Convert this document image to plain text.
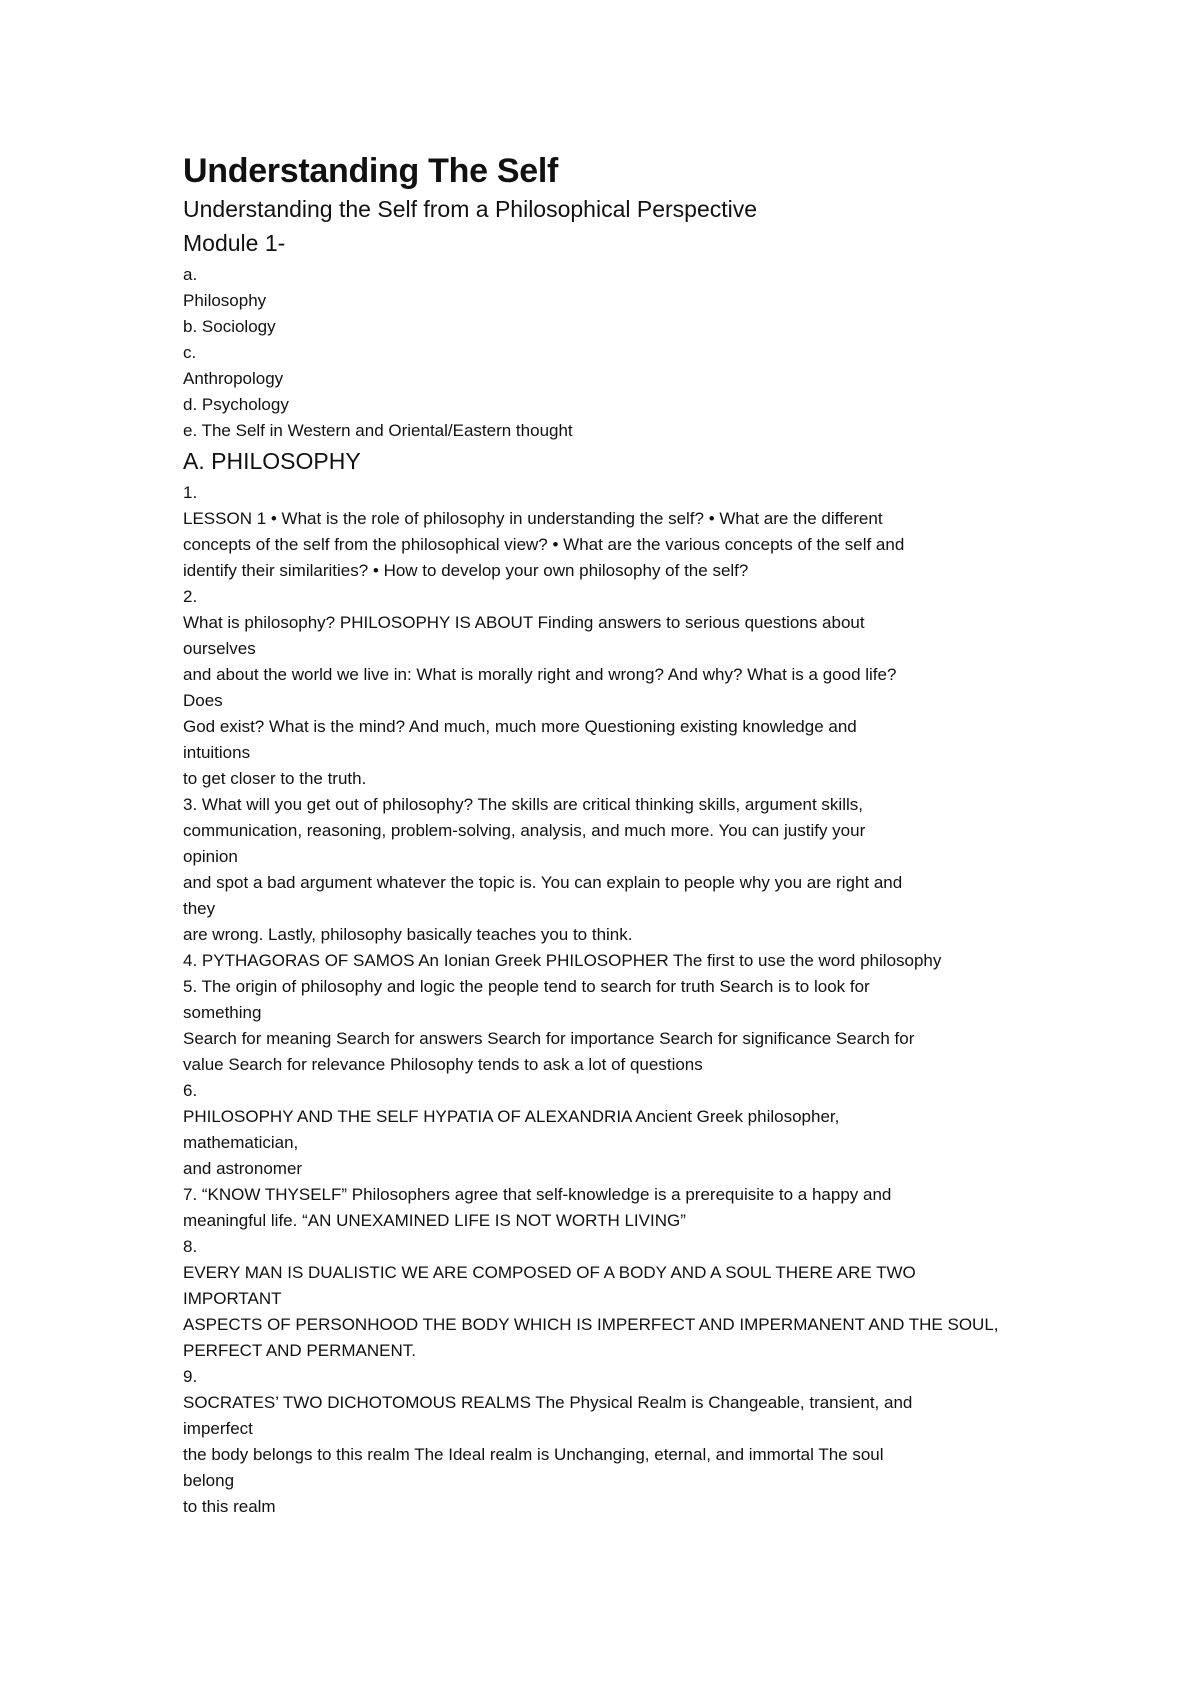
Understanding The Self

Understanding the Self from a Philosophical Perspective

Module 1-

a.

Philosophy

b. Sociology

c.

Anthropology

d. Psychology

e. The Self in Western and Oriental/Eastern thought

A. PHILOSOPHY

1.

LESSON 1 • What is the role of philosophy in understanding the self? • What are the different

concepts of the self from the philosophical view? • What are the various concepts of the self and

identify their similarities? • How to develop your own philosophy of the self?

2.

What is philosophy? PHILOSOPHY IS ABOUT Finding answers to serious questions about

ourselves

and about the world we live in: What is morally right and wrong? And why? What is a good life?

Does

God exist? What is the mind? And much, much more Questioning existing knowledge and

intuitions

to get closer to the truth.

3. What will you get out of philosophy? The skills are critical thinking skills, argument skills,

communication, reasoning, problem-solving, analysis, and much more. You can justify your

opinion

and spot a bad argument whatever the topic is. You can explain to people why you are right and

they

are wrong. Lastly, philosophy basically teaches you to think.

4. PYTHAGORAS OF SAMOS An Ionian Greek PHILOSOPHER The first to use the word philosophy

5. The origin of philosophy and logic the people tend to search for truth Search is to look for

something

Search for meaning Search for answers Search for importance Search for significance Search for

value Search for relevance Philosophy tends to ask a lot of questions

6.

PHILOSOPHY AND THE SELF HYPATIA OF ALEXANDRIA Ancient Greek philosopher,

mathematician,

and astronomer

7. “KNOW THYSELF” Philosophers agree that self-knowledge is a prerequisite to a happy and

meaningful life. “AN UNEXAMINED LIFE IS NOT WORTH LIVING”

8.

EVERY MAN IS DUALISTIC WE ARE COMPOSED OF A BODY AND A SOUL THERE ARE TWO

IMPORTANT

ASPECTS OF PERSONHOOD THE BODY WHICH IS IMPERFECT AND IMPERMANENT AND THE SOUL,

PERFECT AND PERMANENT.

9.

SOCRATES’ TWO DICHOTOMOUS REALMS The Physical Realm is Changeable, transient, and

imperfect

the body belongs to this realm The Ideal realm is Unchanging, eternal, and immortal The soul

belong

to this realm
